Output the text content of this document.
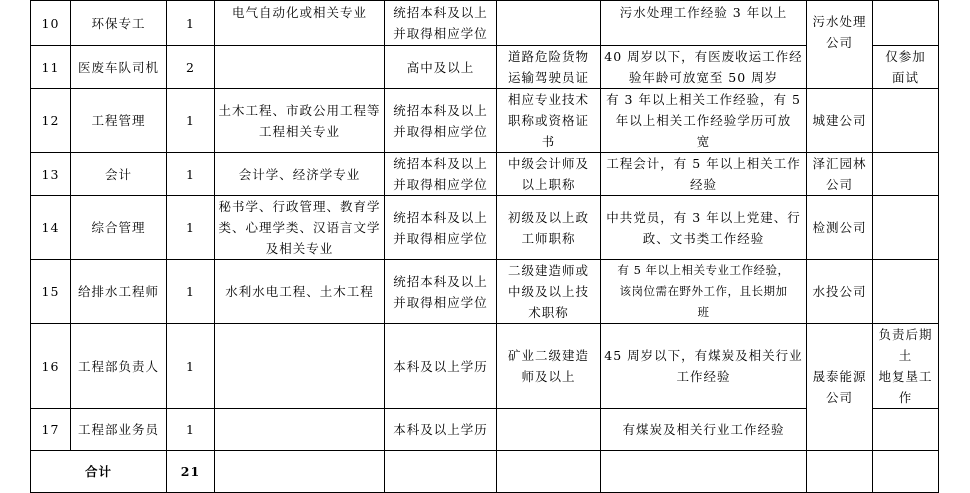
10	环保专工	1	电气自动化或相关专业	统招本科及以上
并取得相应学位		污水处理工作经验 3 年以上	污水处理
公司	

11	医废车队司机	2		高中及以上	道路危险货物
运输驾驶员证	40 周岁以下，有医废收运工作经
验年龄可放宽至 50 周岁		仅参加
面试

12	工程管理	1	土木工程、市政公用工程等
工程相关专业	统招本科及以上
并取得相应学位	相应专业技术
职称或资格证
书	有 3 年以上相关工作经验，有 5
年以上相关工作经验学历可放
宽	城建公司	

13	会计	1	会计学、经济学专业	统招本科及以上
并取得相应学位	中级会计师及
以上职称	工程会计，有 5 年以上相关工作
经验	泽汇园林
公司	

14	综合管理	1	秘书学、行政管理、教育学
类、心理学类、汉语言文学
及相关专业	统招本科及以上
并取得相应学位	初级及以上政
工师职称	中共党员，有 3 年以上党建、行
政、文书类工作经验	检测公司	

15	给排水工程师	1	水利水电工程、土木工程	统招本科及以上
并取得相应学位	二级建造师或
中级及以上技
术职称	有 5 年以上相关专业工作经验，
该岗位需在野外工作，且长期加
班	水投公司	

16	工程部负责人	1		本科及以上学历	矿业二级建造
师及以上	45 周岁以下，有煤炭及相关行业
工作经验	晟泰能源
公司	负责后期土
地复垦工作

17	工程部业务员	1		本科及以上学历		有煤炭及相关行业工作经验		

合计		21						
